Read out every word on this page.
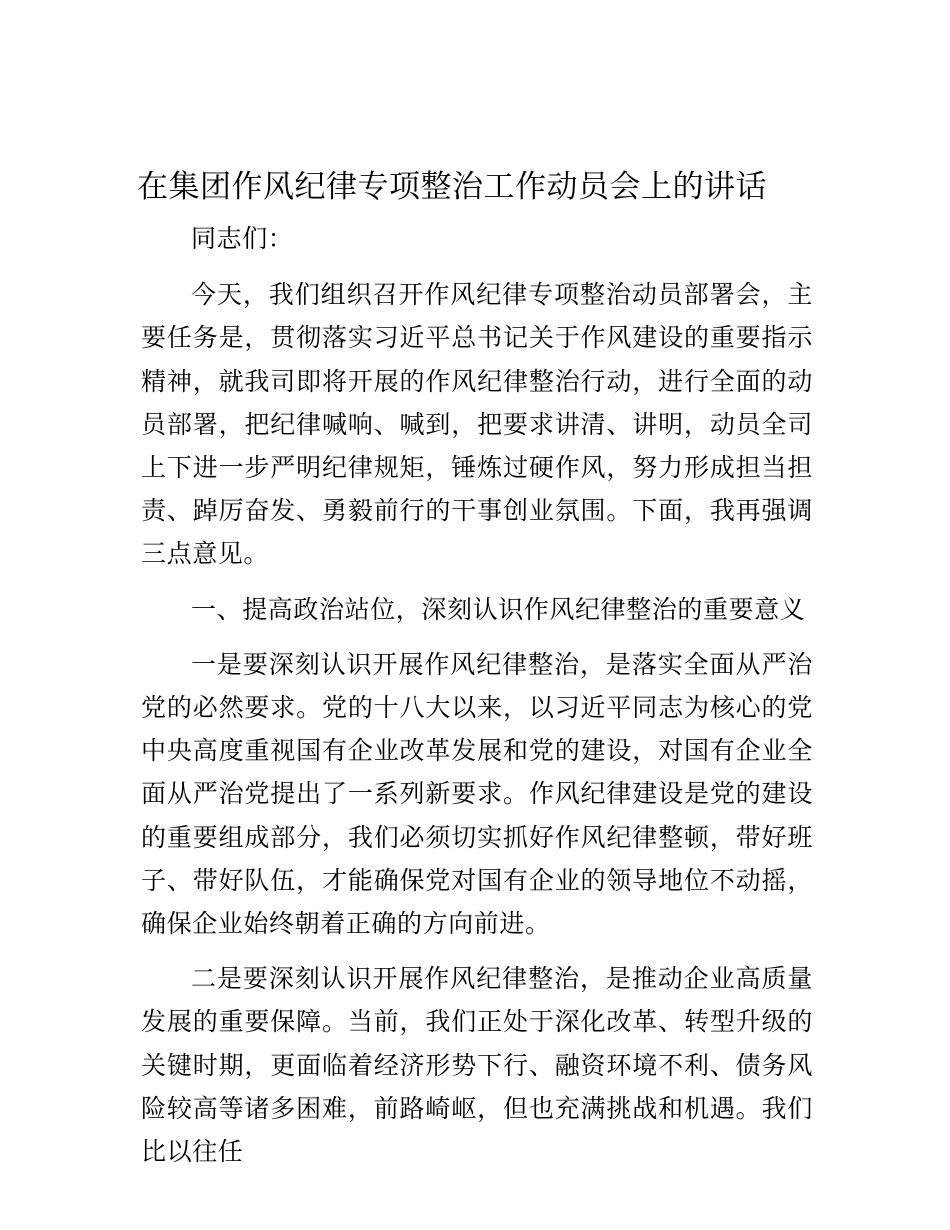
在集团作风纪律专项整治工作动员会上的讲话

同志们：

今天，我们组织召开作风纪律专项整治动员部署会，主要任务是，贯彻落实习近平总书记关于作风建设的重要指示精神，就我司即将开展的作风纪律整治行动，进行全面的动员部署，把纪律喊响、喊到，把要求讲清、讲明，动员全司上下进一步严明纪律规矩，锤炼过硬作风，努力形成担当担责、踔厉奋发、勇毅前行的干事创业氛围。下面，我再强调三点意见。

一、提高政治站位，深刻认识作风纪律整治的重要意义

一是要深刻认识开展作风纪律整治，是落实全面从严治党的必然要求。党的十八大以来，以习近平同志为核心的党中央高度重视国有企业改革发展和党的建设，对国有企业全面从严治党提出了一系列新要求。作风纪律建设是党的建设的重要组成部分，我们必须切实抓好作风纪律整顿，带好班子、带好队伍，才能确保党对国有企业的领导地位不动摇，确保企业始终朝着正确的方向前进。

二是要深刻认识开展作风纪律整治，是推动企业高质量发展的重要保障。当前，我们正处于深化改革、转型升级的关键时期，更面临着经济形势下行、融资环境不利、债务风险较高等诸多困难，前路崎岖，但也充满挑战和机遇。我们比以往任
